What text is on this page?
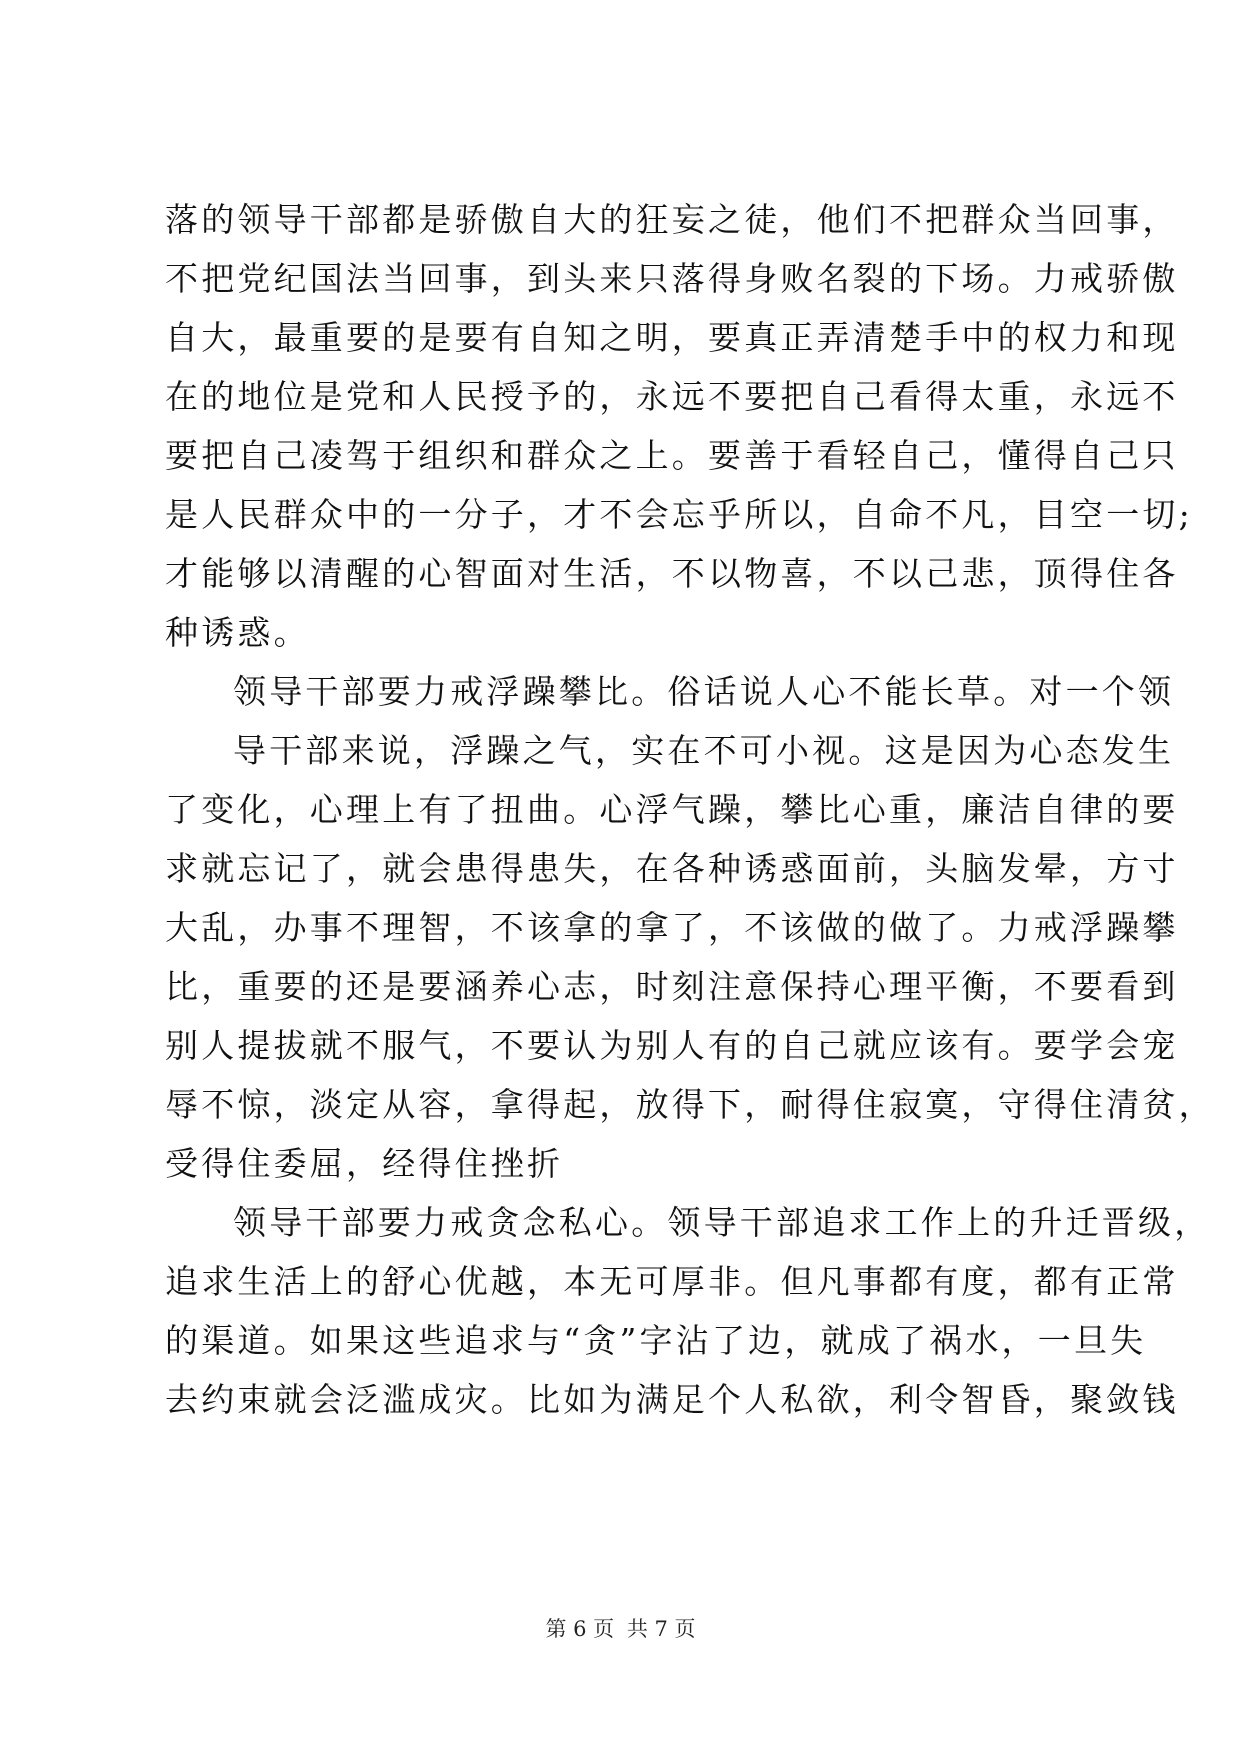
落的领导干部都是骄傲自大的狂妄之徒，他们不把群众当回事，
不把党纪国法当回事，到头来只落得身败名裂的下场。力戒骄傲
自大，最重要的是要有自知之明，要真正弄清楚手中的权力和现
在的地位是党和人民授予的，永远不要把自己看得太重，永远不
要把自己凌驾于组织和群众之上。要善于看轻自己，懂得自己只
是人民群众中的一分子，才不会忘乎所以，自命不凡，目空一切;
才能够以清醒的心智面对生活，不以物喜，不以己悲，顶得住各
种诱惑。
领导干部要力戒浮躁攀比。俗话说人心不能长草。对一个领
导干部来说，浮躁之气，实在不可小视。这是因为心态发生
了变化，心理上有了扭曲。心浮气躁，攀比心重，廉洁自律的要
求就忘记了，就会患得患失，在各种诱惑面前，头脑发晕，方寸
大乱，办事不理智，不该拿的拿了，不该做的做了。力戒浮躁攀
比，重要的还是要涵养心志，时刻注意保持心理平衡，不要看到
别人提拔就不服气，不要认为别人有的自己就应该有。要学会宠
辱不惊，淡定从容，拿得起，放得下，耐得住寂寞，守得住清贫，
受得住委屈，经得住挫折
领导干部要力戒贪念私心。领导干部追求工作上的升迁晋级，
追求生活上的舒心优越，本无可厚非。但凡事都有度，都有正常
的渠道。如果这些追求与“贪”字沾了边，就成了祸水，一旦失
去约束就会泛滥成灾。比如为满足个人私欲，利令智昏，聚敛钱
第 6 页 共 7 页
